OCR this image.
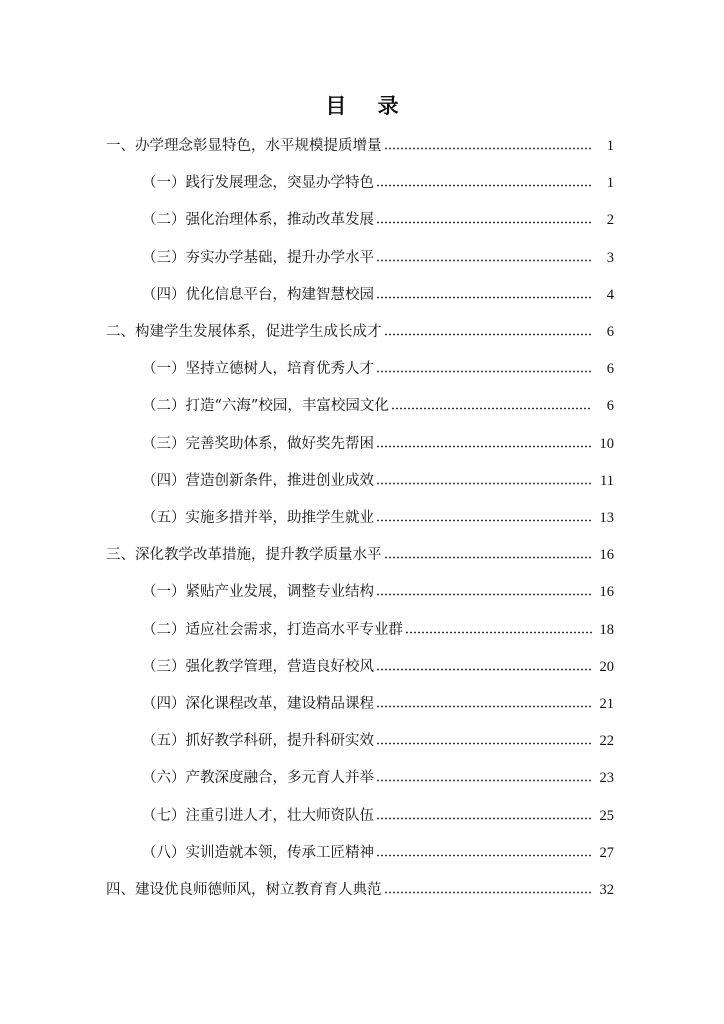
目 录
一、办学理念彰显特色，水平规模提质增量	1
（一）践行发展理念，突显办学特色	1
（二）强化治理体系，推动改革发展	2
（三）夯实办学基础，提升办学水平	3
（四）优化信息平台，构建智慧校园	4
二、构建学生发展体系，促进学生成长成才	6
（一）坚持立德树人，培育优秀人才	6
（二）打造“六海”校园，丰富校园文化	6
（三）完善奖助体系，做好奖先帮困	10
（四）营造创新条件，推进创业成效	11
（五）实施多措并举，助推学生就业	13
三、深化教学改革措施，提升教学质量水平	16
（一）紧贴产业发展，调整专业结构	16
（二）适应社会需求，打造高水平专业群	18
（三）强化教学管理，营造良好校风	20
（四）深化课程改革，建设精品课程	21
（五）抓好教学科研，提升科研实效	22
（六）产教深度融合，多元育人并举	23
（七）注重引进人才，壮大师资队伍	25
（八）实训造就本领，传承工匠精神	27
四、建设优良师德师风，树立教育育人典范	32
